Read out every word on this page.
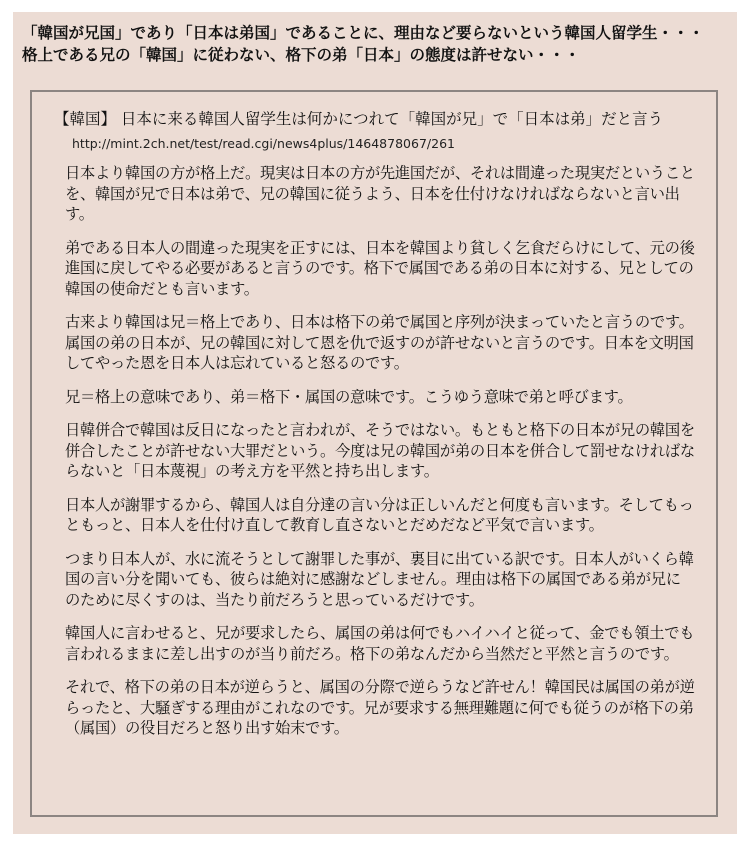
「韓国が兄国」であり「日本は弟国」であることに、理由など要らないという韓国人留学生・・・
格上である兄の「韓国」に従わない、格下の弟「日本」の態度は許せない・・・
【韓国】 日本に来る韓国人留学生は何かにつれて「韓国が兄」で「日本は弟」だと言う
http://mint.2ch.net/test/read.cgi/news4plus/1464878067/261

日本より韓国の方が格上だ。現実は日本の方が先進国だが、それは間違った現実だということを、韓国が兄で日本は弟で、兄の韓国に従うよう、日本を仕付けなければならないと言い出す。

弟である日本人の間違った現実を正すには、日本を韓国より貧しく乞食だらけにして、元の後進国に戻してやる必要があると言うのです。格下で属国である弟の日本に対する、兄としての韓国の使命だとも言います。

古来より韓国は兄＝格上であり、日本は格下の弟で属国と序列が決まっていたと言うのです。属国の弟の日本が、兄の韓国に対して恩を仇で返すのが許せないと言うのです。日本を文明国してやった恩を日本人は忘れていると怒るのです。

兄＝格上の意味であり、弟＝格下・属国の意味です。こうゆう意味で弟と呼びます。

日韓併合で韓国は反日になったと言われが、そうではない。もともと格下の日本が兄の韓国を併合したことが許せない大罪だという。今度は兄の韓国が弟の日本を併合して罰せなければならないと「日本蔑視」の考え方を平然と持ち出します。

日本人が謝罪するから、韓国人は自分達の言い分は正しいんだと何度も言います。そしてもっともっと、日本人を仕付け直して教育し直さないとだめだなど平気で言います。

つまり日本人が、水に流そうとして謝罪した事が、裏目に出ている訳です。日本人がいくら韓国の言い分を聞いても、彼らは絶対に感謝などしません。理由は格下の属国である弟が兄にのために尽くすのは、当たり前だろうと思っているだけです。

韓国人に言わせると、兄が要求したら、属国の弟は何でもハイハイと従って、金でも領土でも言われるままに差し出すのが当り前だろ。格下の弟なんだから当然だと平然と言うのです。

それで、格下の弟の日本が逆らうと、属国の分際で逆らうなど許せん！韓国民は属国の弟が逆らったと、大騒ぎする理由がこれなのです。兄が要求する無理難題に何でも従うのが格下の弟（属国）の役目だろと怒り出す始末です。
